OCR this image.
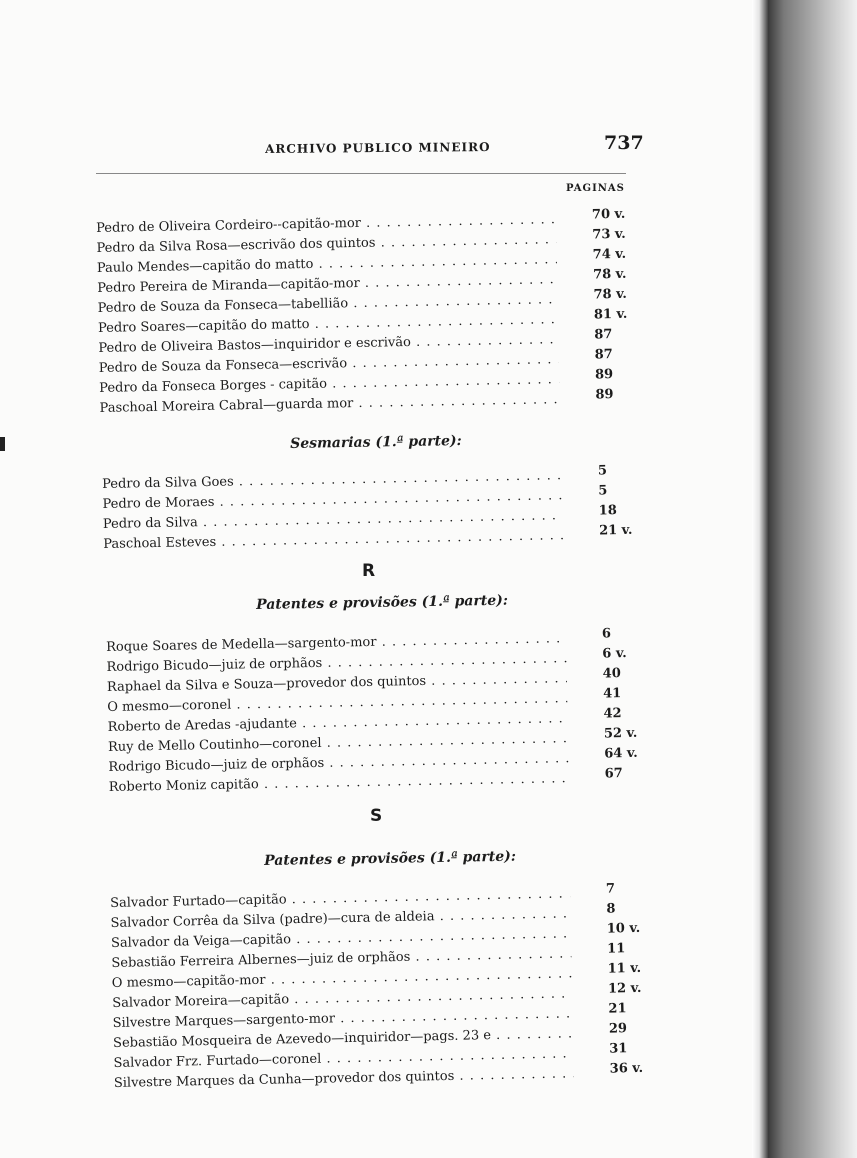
ARCHIVO PUBLICO MINEIRO	737
PAGINAS
Pedro de Oliveira Cordeiro--capitão-mor . . .
70 v.
Pedro da Silva Rosa—escrivão dos quintos . . .
73 v.
Paulo Mendes—capitão do matto . . .
74 v.
Pedro Pereira de Miranda—capitão-mor . . .
78 v.
Pedro de Souza da Fonseca—tabellião . . .
78 v.
Pedro Soares—capitão do matto . . .
81 v.
Pedro de Oliveira Bastos—inquiridor e escrivão . . .
87
Pedro de Souza da Fonseca—escrivão . . .
87
Pedro da Fonseca Borges - capitão . . .
89
Paschoal Moreira Cabral—guarda mor . . .
89
Sesmarias (1.ª parte):
Pedro da Silva Goes . . .
5
Pedro de Moraes . . .
5
Pedro da Silva . . .
18
Paschoal Esteves . . .
21 v.
R
Patentes e provisões (1.ª parte):
Roque Soares de Medella—sargento-mor . . .
6
Rodrigo Bicudo—juiz de orphãos . . .
6 v.
Raphael da Silva e Souza—provedor dos quintos . . .
40
O mesmo—coronel . . .
41
Roberto de Aredas -ajudante . . .
42
Ruy de Mello Coutinho—coronel . . .
52 v.
Rodrigo Bicudo—juiz de orphãos . . .
64 v.
Roberto Moniz capitão . . .
67
S
Patentes e provisões (1.ª parte):
Salvador Furtado—capitão . . .
7
Salvador Corrêa da Silva (padre)—cura de aldeia . . .
8
Salvador da Veiga—capitão . . .
10 v.
Sebastião Ferreira Albernes—juiz de orphãos . . .
11
O mesmo—capitão-mor . . .
11 v.
Salvador Moreira—capitão . . .
12 v.
Silvestre Marques—sargento-mor . . .
21
Sebastião Mosqueira de Azevedo—inquiridor—pags. 23 e . . .	29
Salvador Frz. Furtado—coronel . . .
31
Silvestre Marques da Cunha—provedor dos quintos . . .
36 v.
